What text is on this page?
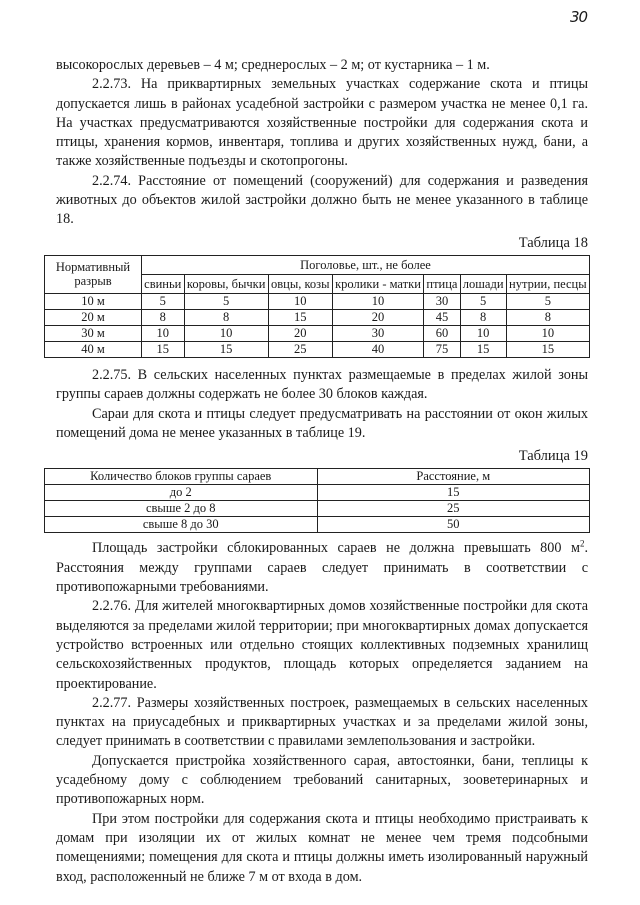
30

высокорослых деревьев – 4 м; среднерослых – 2 м; от кустарника – 1 м.

2.2.73. На приквартирных земельных участках содержание скота и птицы допускается лишь в районах усадебной застройки с размером участка не менее 0,1 га. На участках предусматриваются хозяйственные постройки для содержания скота и птицы, хранения кормов, инвентаря, топлива и других хозяйственных нужд, бани, а также хозяйственные подъезды и скотопрогоны.

2.2.74. Расстояние от помещений (сооружений) для содержания и разведения животных до объектов жилой застройки должно быть не менее указанного в таблице 18.

Таблица 18
Нормативный разрыв	Поголовье, шт., не более						
	свиньи	коровы, бычки	овцы, козы	кролики - матки	птица	лошади	нутрии, песцы
10 м	5	5	10	10	30	5	5
20 м	8	8	15	20	45	8	8
30 м	10	10	20	30	60	10	10
40 м	15	15	25	40	75	15	15

2.2.75. В сельских населенных пунктах размещаемые в пределах жилой зоны группы сараев должны содержать не более 30 блоков каждая.

Сараи для скота и птицы следует предусматривать на расстоянии от окон жилых помещений дома не менее указанных в таблице 19.

Таблица 19
Количество блоков группы сараев	Расстояние, м
до 2	15
свыше 2 до 8	25
свыше 8 до 30	50

Площадь застройки сблокированных сараев не должна превышать 800 $м^2$. Расстояния между группами сараев следует принимать в соответствии с противопожарными требованиями.

2.2.76. Для жителей многоквартирных домов хозяйственные постройки для скота выделяются за пределами жилой территории; при многоквартирных домах допускается устройство встроенных или отдельно стоящих коллективных подземных хранилищ сельскохозяйственных продуктов, площадь которых определяется заданием на проектирование.

2.2.77. Размеры хозяйственных построек, размещаемых в сельских населенных пунктах на приусадебных и приквартирных участках и за пределами жилой зоны, следует принимать в соответствии с правилами землепользования и застройки.

Допускается пристройка хозяйственного сарая, автостоянки, бани, теплицы к усадебному дому с соблюдением требований санитарных, зооветеринарных и противопожарных норм.

При этом постройки для содержания скота и птицы необходимо пристраивать к домам при изоляции их от жилых комнат не менее чем тремя подсобными помещениями; помещения для скота и птицы должны иметь изолированный наружный вход, расположенный не ближе 7 м от входа в дом.
